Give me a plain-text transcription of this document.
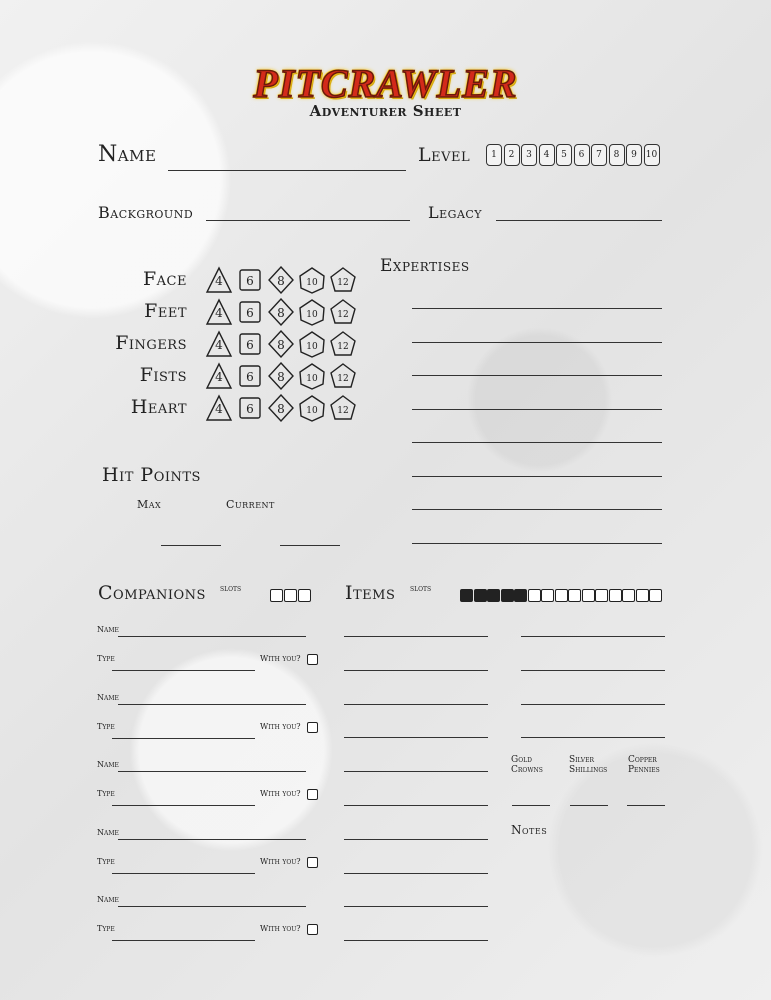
PITCRAWLER
Adventurer Sheet
Name	Level	1	2	3	4	5	6	7	8	9 10
Background	Legacy
Face 4 6 8 10 12
Feet 4 6 8 10 12
Fingers 4 6 8 10 12
Fists 4 6 8 10 12
Heart 4 6 8 10 12
Expertises
Hit Points
Max	Current
Companions slots
Name
Type	With you?
Name
Type	With you?
Name
Type	With you?
Name
Type	With you?
Name
Type	With you?
Items slots
Gold
Crowns
Silver
Shillings
Copper
Pennies
Notes
